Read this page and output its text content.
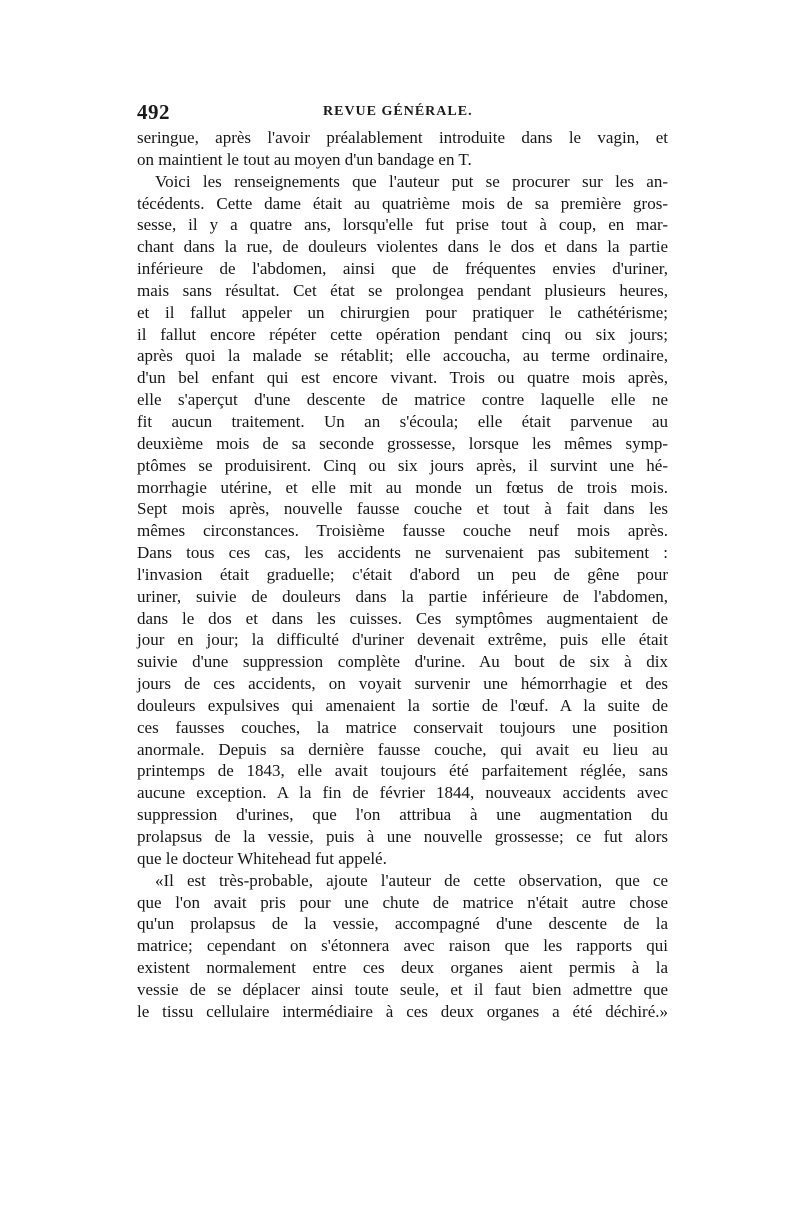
492	REVUE GÉNÉRALE.
seringue, après l'avoir préalablement introduite dans le vagin, et
on maintient le tout au moyen d'un bandage en T.
Voici les renseignements que l'auteur put se procurer sur les an-
técédents. Cette dame était au quatrième mois de sa première gros-
sesse, il y a quatre ans, lorsqu'elle fut prise tout à coup, en mar-
chant dans la rue, de douleurs violentes dans le dos et dans la partie
inférieure de l'abdomen, ainsi que de fréquentes envies d'uriner,
mais sans résultat. Cet état se prolongea pendant plusieurs heures,
et il fallut appeler un chirurgien pour pratiquer le cathétérisme;
il fallut encore répéter cette opération pendant cinq ou six jours;
après quoi la malade se rétablit; elle accoucha, au terme ordinaire,
d'un bel enfant qui est encore vivant. Trois ou quatre mois après,
elle s'aperçut d'une descente de matrice contre laquelle elle ne
fit aucun traitement. Un an s'écoula; elle était parvenue au
deuxième mois de sa seconde grossesse, lorsque les mêmes symp-
ptômes se produisirent. Cinq ou six jours après, il survint une hé-
morrhagie utérine, et elle mit au monde un fœtus de trois mois.
Sept mois après, nouvelle fausse couche et tout à fait dans les
mêmes circonstances. Troisième fausse couche neuf mois après.
Dans tous ces cas, les accidents ne survenaient pas subitement :
l'invasion était graduelle; c'était d'abord un peu de gêne pour
uriner, suivie de douleurs dans la partie inférieure de l'abdomen,
dans le dos et dans les cuisses. Ces symptômes augmentaient de
jour en jour; la difficulté d'uriner devenait extrême, puis elle était
suivie d'une suppression complète d'urine. Au bout de six à dix
jours de ces accidents, on voyait survenir une hémorrhagie et des
douleurs expulsives qui amenaient la sortie de l'œuf. A la suite de
ces fausses couches, la matrice conservait toujours une position
anormale. Depuis sa dernière fausse couche, qui avait eu lieu au
printemps de 1843, elle avait toujours été parfaitement réglée, sans
aucune exception. A la fin de février 1844, nouveaux accidents avec
suppression d'urines, que l'on attribua à une augmentation du
prolapsus de la vessie, puis à une nouvelle grossesse; ce fut alors
que le docteur Whitehead fut appelé.
«Il est très-probable, ajoute l'auteur de cette observation, que ce
que l'on avait pris pour une chute de matrice n'était autre chose
qu'un prolapsus de la vessie, accompagné d'une descente de la
matrice; cependant on s'étonnera avec raison que les rapports qui
existent normalement entre ces deux organes aient permis à la
vessie de se déplacer ainsi toute seule, et il faut bien admettre que
le tissu cellulaire intermédiaire à ces deux organes a été déchiré.»
